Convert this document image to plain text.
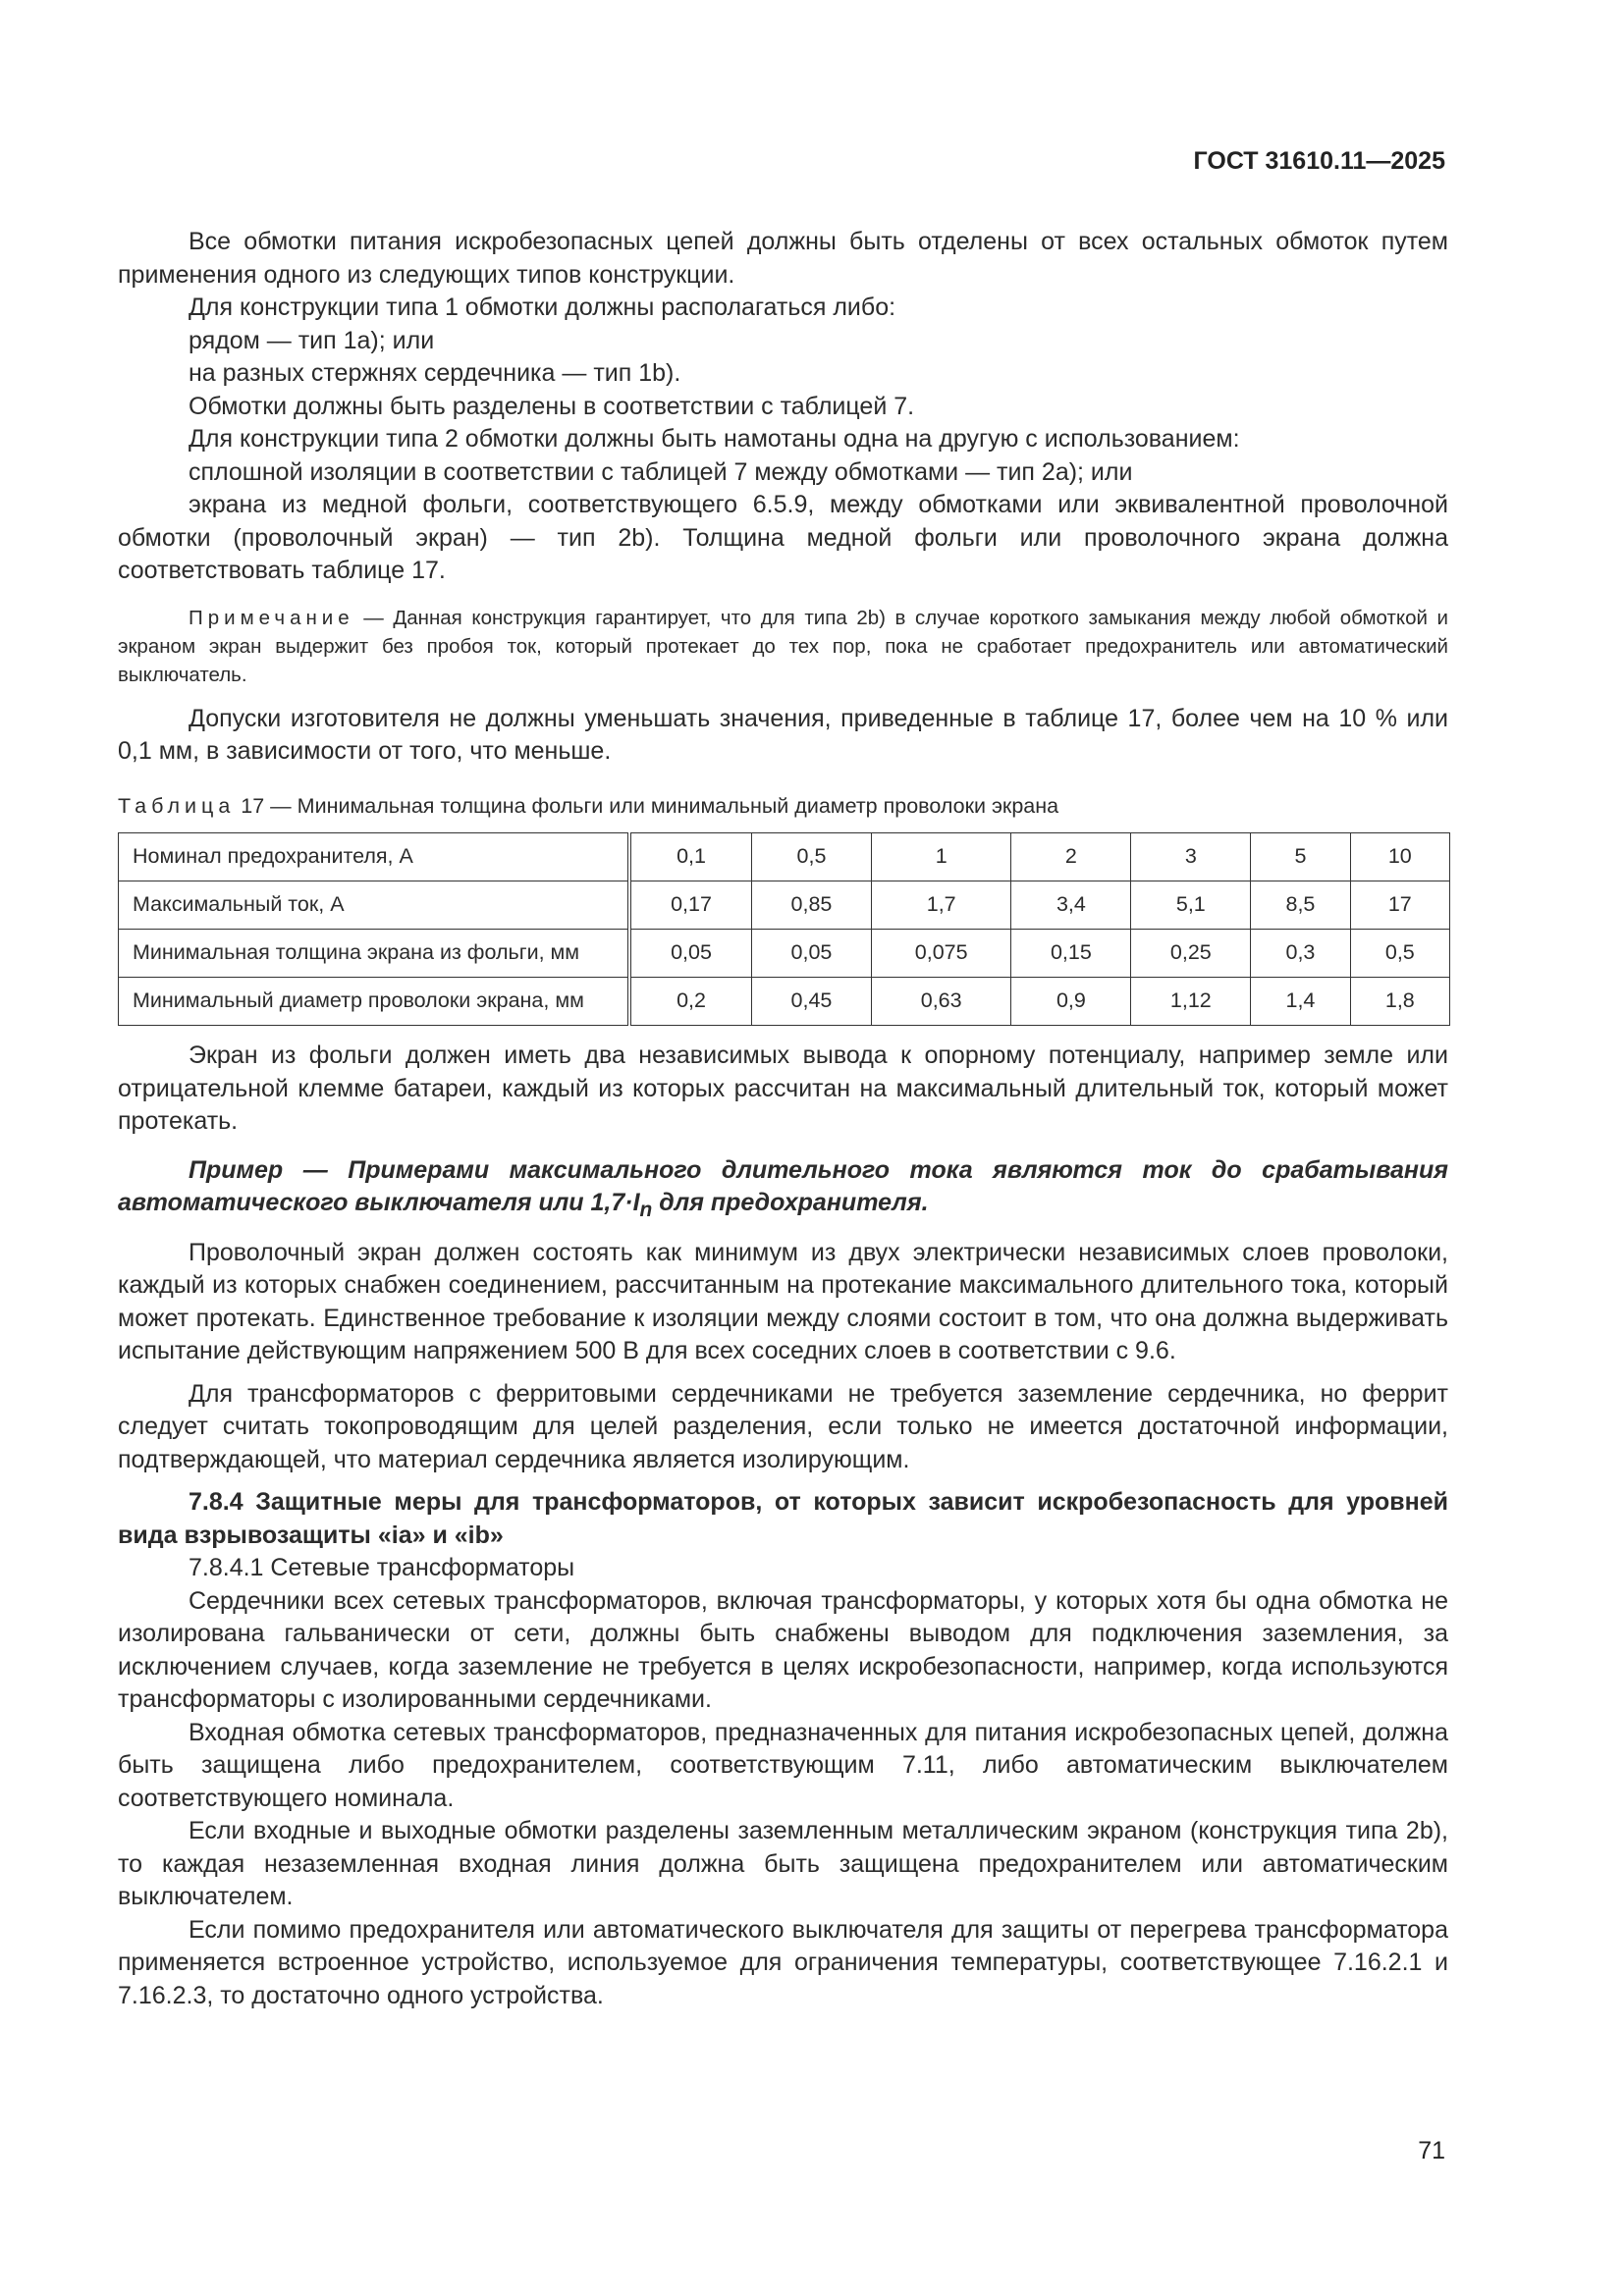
ГОСТ 31610.11—2025

Все обмотки питания искробезопасных цепей должны быть отделены от всех остальных обмоток путем применения одного из следующих типов конструкции.

Для конструкции типа 1 обмотки должны располагаться либо:

рядом — тип 1а); или

на разных стержнях сердечника — тип 1b).

Обмотки должны быть разделены в соответствии с таблицей 7.

Для конструкции типа 2 обмотки должны быть намотаны одна на другую с использованием:

сплошной изоляции в соответствии с таблицей 7 между обмотками — тип 2а); или

экрана из медной фольги, соответствующего 6.5.9, между обмотками или эквивалентной проволочной обмотки (проволочный экран) — тип 2b). Толщина медной фольги или проволочного экрана должна соответствовать таблице 17.

Примечание — Данная конструкция гарантирует, что для типа 2b) в случае короткого замыкания между любой обмоткой и экраном экран выдержит без пробоя ток, который протекает до тех пор, пока не сработает предохранитель или автоматический выключатель.

Допуски изготовителя не должны уменьшать значения, приведенные в таблице 17, более чем на 10 % или 0,1 мм, в зависимости от того, что меньше.

Таблица 17 — Минимальная толщина фольги или минимальный диаметр проволоки экрана

Номинал предохранителя, А	0,1	0,5	1	2	3	5	10
Максимальный ток, А	0,17	0,85	1,7	3,4	5,1	8,5	17
Минимальная толщина экрана из фольги, мм	0,05	0,05	0,075	0,15	0,25	0,3	0,5
Минимальный диаметр проволоки экрана, мм	0,2	0,45	0,63	0,9	1,12	1,4	1,8

Экран из фольги должен иметь два независимых вывода к опорному потенциалу, например земле или отрицательной клемме батареи, каждый из которых рассчитан на максимальный длительный ток, который может протекать.

Пример — Примерами максимального длительного тока являются ток до срабатывания автоматического выключателя или $1,7\cdot I_n$ для предохранителя.

Проволочный экран должен состоять как минимум из двух электрически независимых слоев проволоки, каждый из которых снабжен соединением, рассчитанным на протекание максимального длительного тока, который может протекать. Единственное требование к изоляции между слоями состоит в том, что она должна выдерживать испытание действующим напряжением 500 В для всех соседних слоев в соответствии с 9.6.

Для трансформаторов с ферритовыми сердечниками не требуется заземление сердечника, но феррит следует считать токопроводящим для целей разделения, если только не имеется достаточной информации, подтверждающей, что материал сердечника является изолирующим.

7.8.4 Защитные меры для трансформаторов, от которых зависит искробезопасность для уровней вида взрывозащиты «ia» и «ib»

7.8.4.1 Сетевые трансформаторы

Сердечники всех сетевых трансформаторов, включая трансформаторы, у которых хотя бы одна обмотка не изолирована гальванически от сети, должны быть снабжены выводом для подключения заземления, за исключением случаев, когда заземление не требуется в целях искробезопасности, например, когда используются трансформаторы с изолированными сердечниками.

Входная обмотка сетевых трансформаторов, предназначенных для питания искробезопасных цепей, должна быть защищена либо предохранителем, соответствующим 7.11, либо автоматическим выключателем соответствующего номинала.

Если входные и выходные обмотки разделены заземленным металлическим экраном (конструкция типа 2b), то каждая незаземленная входная линия должна быть защищена предохранителем или автоматическим выключателем.

Если помимо предохранителя или автоматического выключателя для защиты от перегрева трансформатора применяется встроенное устройство, используемое для ограничения температуры, соответствующее 7.16.2.1 и 7.16.2.3, то достаточно одного устройства.

71
